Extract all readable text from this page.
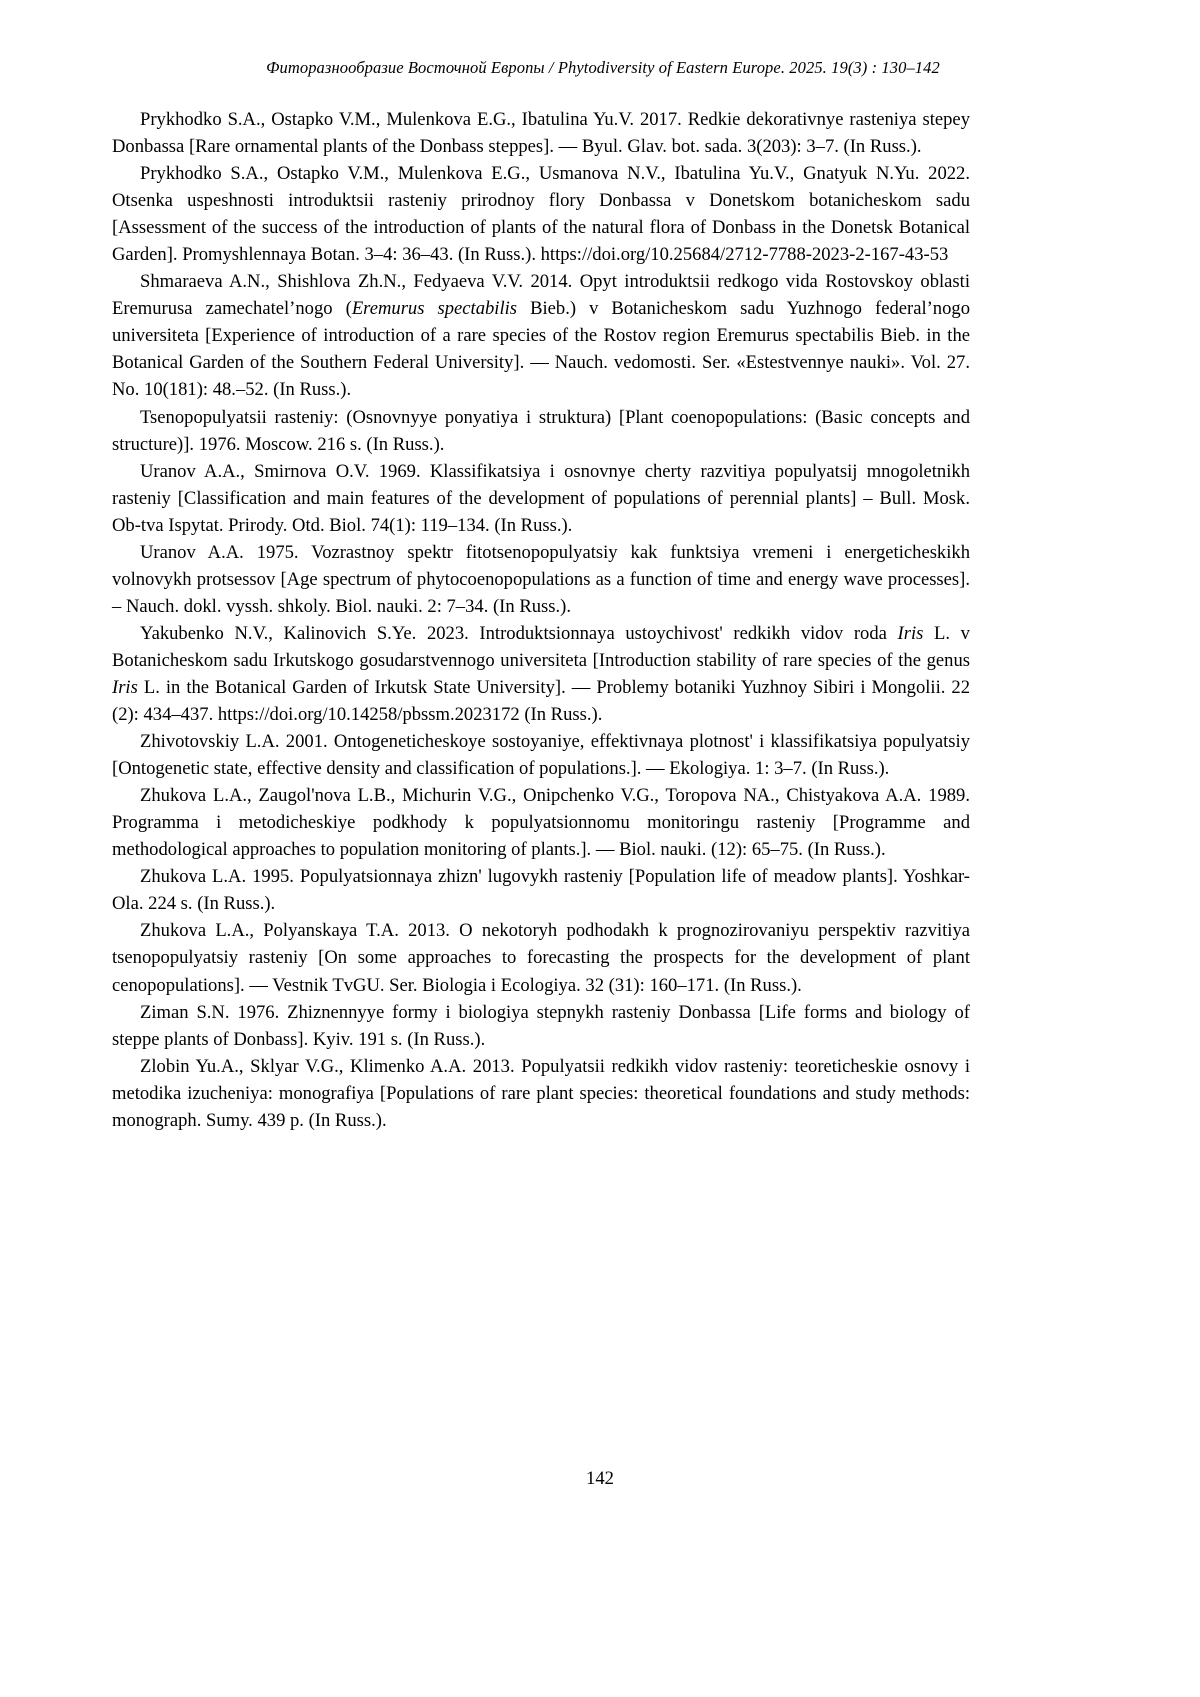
Фиторазнообразие Восточной Европы / Phytodiversity of Eastern Europe. 2025. 19(3) : 130–142

Prykhodko S.A., Ostapko V.M., Mulenkova E.G., Ibatulina Yu.V. 2017. Redkie dekorativnye rasteniya stepey Donbassa [Rare ornamental plants of the Donbass steppes]. — Byul. Glav. bot. sada. 3(203): 3–7. (In Russ.).

Prykhodko S.A., Ostapko V.M., Mulenkova E.G., Usmanova N.V., Ibatulina Yu.V., Gnatyuk N.Yu. 2022. Otsenka uspeshnosti introduktsii rasteniy prirodnoy flory Donbassa v Donetskom botanicheskom sadu [Assessment of the success of the introduction of plants of the natural flora of Donbass in the Donetsk Botanical Garden]. Promyshlennaya Botan. 3–4: 36–43. (In Russ.). https://doi.org/10.25684/2712-7788-2023-2-167-43-53

Shmaraeva A.N., Shishlova Zh.N., Fedyaeva V.V. 2014. Opyt introduktsii redkogo vida Rostovskoy oblasti Eremurusa zamechatel’nogo (Eremurus spectabilis Bieb.) v Botanicheskom sadu Yuzhnogo federal’nogo universiteta [Experience of introduction of a rare species of the Rostov region Eremurus spectabilis Bieb. in the Botanical Garden of the Southern Federal University]. — Nauch. vedomosti. Ser. «Estestvennye nauki». Vol. 27. No. 10(181): 48.–52. (In Russ.).

Tsenopopulyatsii rasteniy: (Osnovnyye ponyatiya i struktura) [Plant coenopopulations: (Basic concepts and structure)]. 1976. Moscow. 216 s. (In Russ.).

Uranov A.A., Smirnova O.V. 1969. Klassifikatsiya i osnovnye cherty razvitiya populyatsij mnogoletnikh rasteniy [Classification and main features of the development of populations of perennial plants] – Bull. Mosk. Ob-tva Ispytat. Prirody. Otd. Biol. 74(1): 119–134. (In Russ.).

Uranov A.A. 1975. Vozrastnoy spektr fitotsenopopulyatsiy kak funktsiya vremeni i energeticheskikh volnovykh protsessov [Age spectrum of phytocoenopopulations as a function of time and energy wave processes]. – Nauch. dokl. vyssh. shkoly. Biol. nauki. 2: 7–34. (In Russ.).

Yakubenko N.V., Kalinovich S.Ye. 2023. Introduktsionnaya ustoychivost' redkikh vidov roda Iris L. v Botanicheskom sadu Irkutskogo gosudarstvennogo universiteta [Introduction stability of rare species of the genus Iris L. in the Botanical Garden of Irkutsk State University]. — Problemy botaniki Yuzhnoy Sibiri i Mongolii. 22 (2): 434–437. https://doi.org/10.14258/pbssm.2023172 (In Russ.).

Zhivotovskiy L.A. 2001. Ontogeneticheskoye sostoyaniye, effektivnaya plotnost' i klassifikatsiya populyatsiy [Ontogenetic state, effective density and classification of populations.]. — Ekologiya. 1: 3–7. (In Russ.).

Zhukova L.A., Zaugol'nova L.B., Michurin V.G., Onipchenko V.G., Toropova NA., Chistyakova A.A. 1989. Programma i metodicheskiye podkhody k populyatsionnomu monitoringu rasteniy [Programme and methodological approaches to population monitoring of plants.]. — Biol. nauki. (12): 65–75. (In Russ.).

Zhukova L.A. 1995. Populyatsionnaya zhizn' lugovykh rasteniy [Population life of meadow plants]. Yoshkar-Ola. 224 s. (In Russ.).

Zhukova L.A., Polyanskaya T.A. 2013. O nekotoryh podhodakh k prognozirovaniyu perspektiv razvitiya tsenopopulyatsiy rasteniy [On some approaches to forecasting the prospects for the development of plant cenopopulations]. — Vestnik TvGU. Ser. Biologia i Ecologiya. 32 (31): 160–171. (In Russ.).

Ziman S.N. 1976. Zhiznennyye formy i biologiya stepnykh rasteniy Donbassa [Life forms and biology of steppe plants of Donbass]. Kyiv. 191 s. (In Russ.).

Zlobin Yu.A., Sklyar V.G., Klimenko A.A. 2013. Populyatsii redkikh vidov rasteniy: teoreticheskie osnovy i metodika izucheniya: monografiya [Populations of rare plant species: theoretical foundations and study methods: monograph. Sumy. 439 p. (In Russ.).

142
